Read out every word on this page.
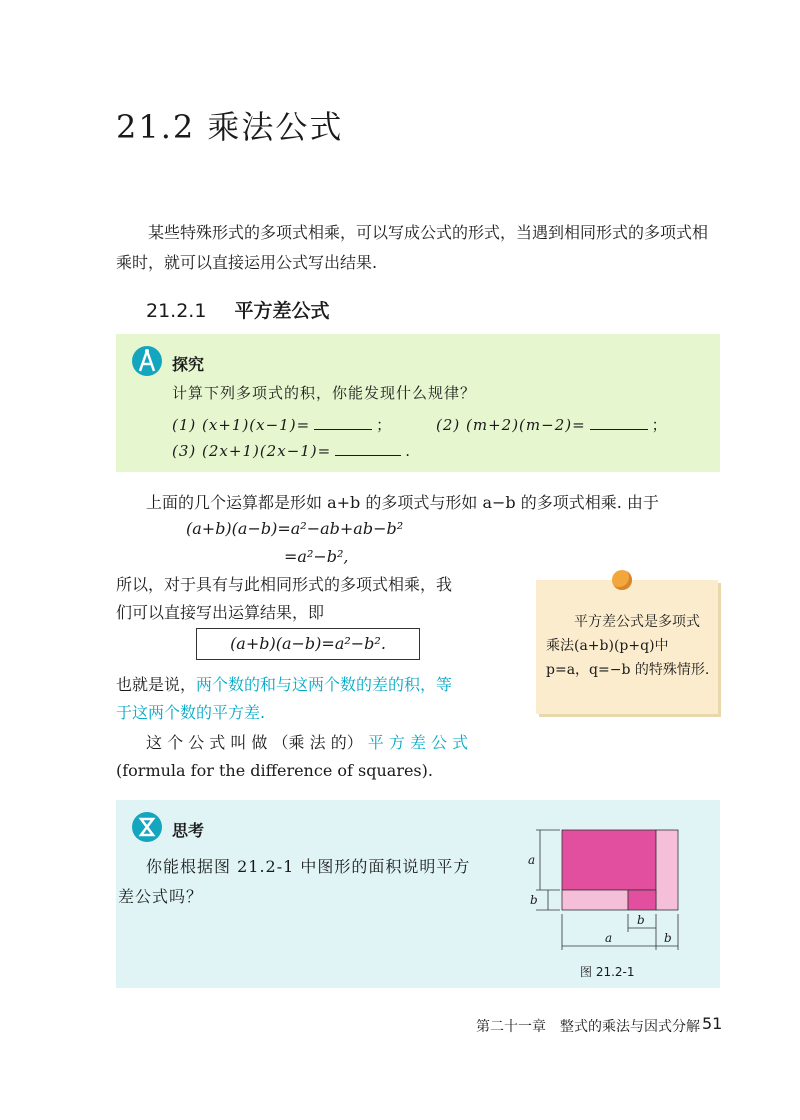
21.2 乘法公式
某些特殊形式的多项式相乘，可以写成公式的形式，当遇到相同形式的多项式相乘时，就可以直接运用公式写出结果.
21.2.1 平方差公式
探究
计算下列多项式的积，你能发现什么规律？
(1) (x+1)(x−1)=	；	(2) (m+2)(m−2)=	；
(3) (2x+1)(2x−1)=	.
上面的几个运算都是形如 a+b 的多项式与形如 a−b 的多项式相乘. 由于
(a+b)(a−b)=a²−ab+ab−b²
=a²−b²,
所以，对于具有与此相同形式的多项式相乘，我
们可以直接写出运算结果，即
(a+b)(a−b)=a²−b².
也就是说，两个数的和与这两个数的差的积，等
于这两个数的平方差.
这 个 公 式 叫 做 （乘 法 的） 平 方 差 公 式
(formula for the difference of squares).
平方差公式是多项式乘法(a+b)(p+q)中 p=a，q=−b 的特殊情形.
思考
你能根据图 21.2-1 中图形的面积说明平方
差公式吗？
a
b
b
a	b
图 21.2-1
第二十一章　整式的乘法与因式分解 51
